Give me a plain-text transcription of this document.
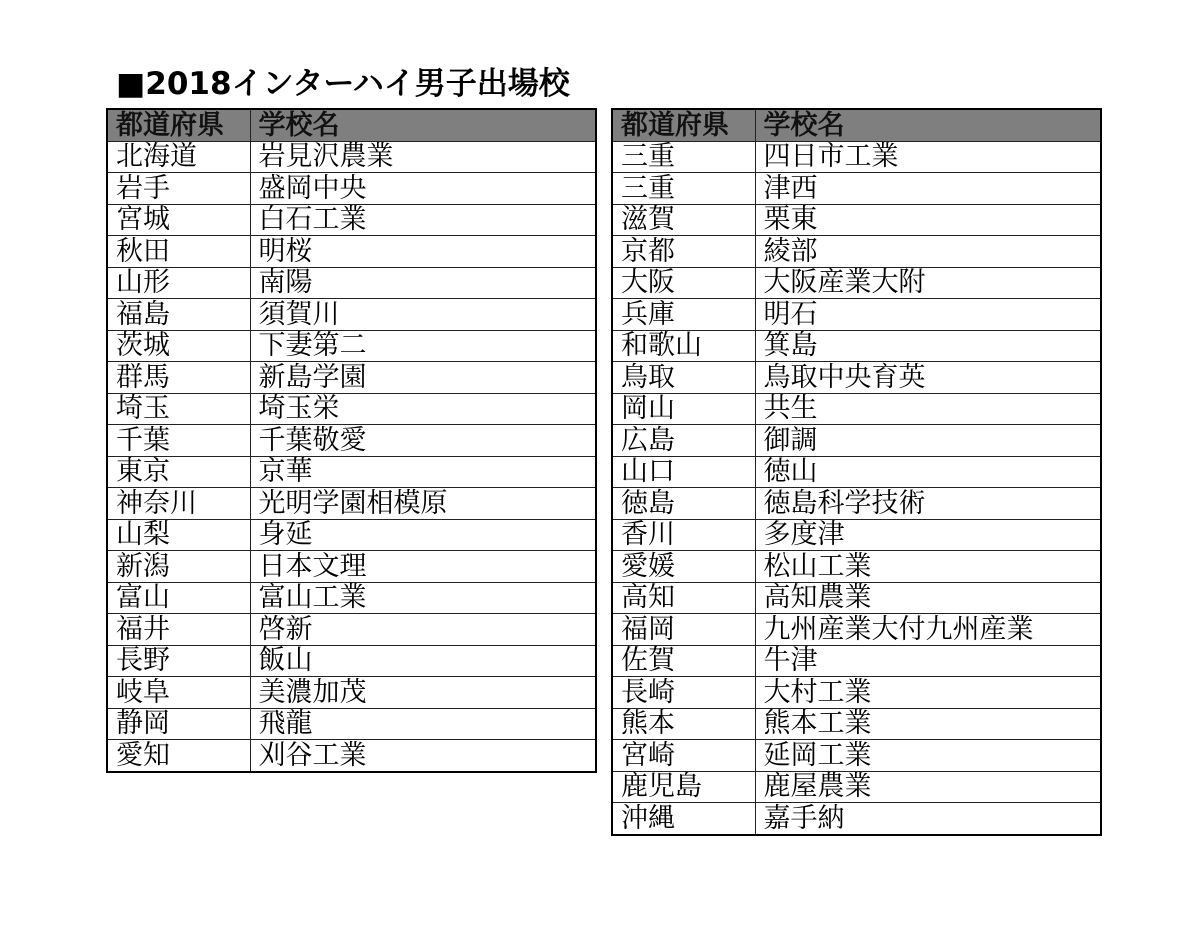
■2018インターハイ男子出場校
都道府県	学校名
北海道	岩見沢農業
岩手	盛岡中央
宮城	白石工業
秋田	明桜
山形	南陽
福島	須賀川
茨城	下妻第二
群馬	新島学園
埼玉	埼玉栄
千葉	千葉敬愛
東京	京華
神奈川	光明学園相模原
山梨	身延
新潟	日本文理
富山	富山工業
福井	啓新
長野	飯山
岐阜	美濃加茂
静岡	飛龍
愛知	刈谷工業
都道府県	学校名
三重	四日市工業
三重	津西
滋賀	栗東
京都	綾部
大阪	大阪産業大附
兵庫	明石
和歌山	箕島
鳥取	鳥取中央育英
岡山	共生
広島	御調
山口	徳山
徳島	徳島科学技術
香川	多度津
愛媛	松山工業
高知	高知農業
福岡	九州産業大付九州産業
佐賀	牛津
長崎	大村工業
熊本	熊本工業
宮崎	延岡工業
鹿児島	鹿屋農業
沖縄	嘉手納
